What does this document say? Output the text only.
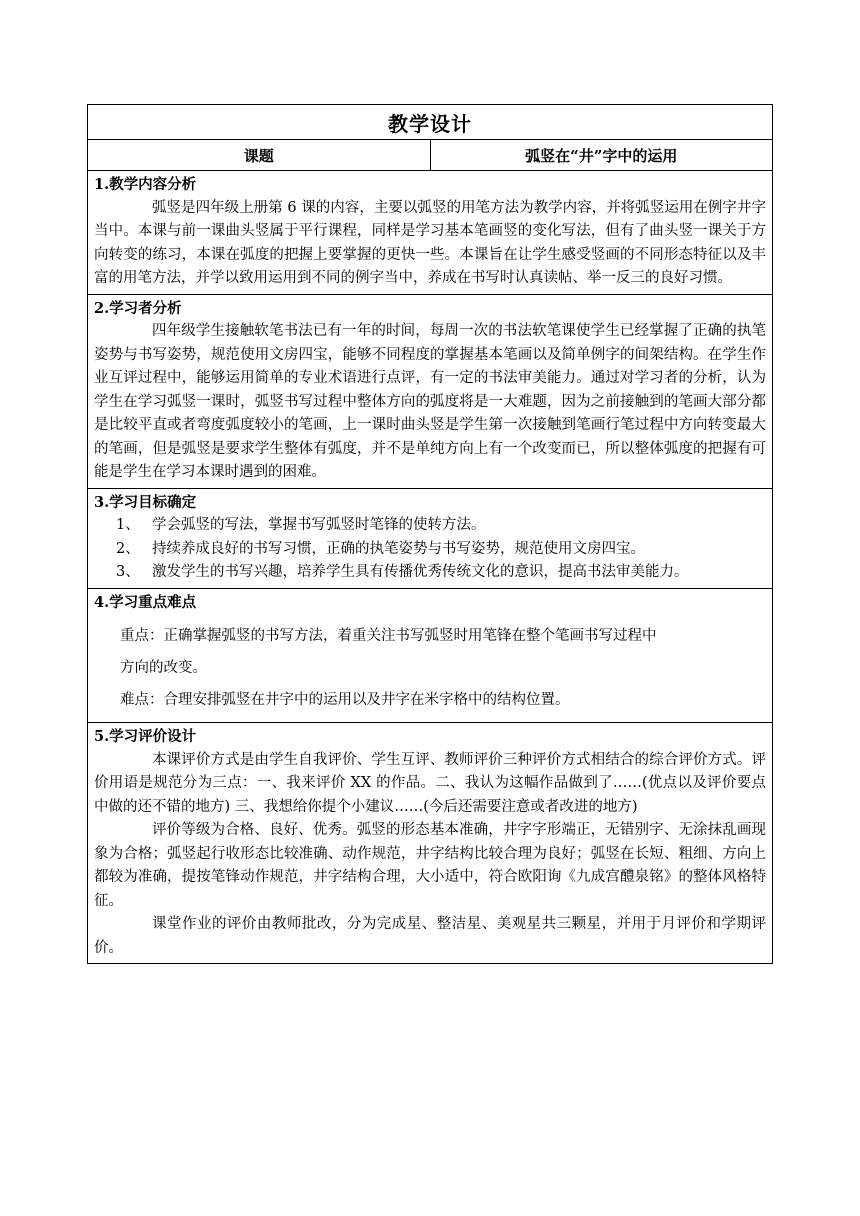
教学设计
课题	弧竖在“井”字中的运用

1.教学内容分析
弧竖是四年级上册第 6 课的内容，主要以弧竖的用笔方法为教学内容，并将弧竖运用在例字井字当中。本课与前一课曲头竖属于平行课程，同样是学习基本笔画竖的变化写法，但有了曲头竖一课关于方向转变的练习，本课在弧度的把握上要掌握的更快一些。本课旨在让学生感受竖画的不同形态特征以及丰富的用笔方法，并学以致用运用到不同的例字当中，养成在书写时认真读帖、举一反三的良好习惯。

2.学习者分析
四年级学生接触软笔书法已有一年的时间，每周一次的书法软笔课使学生已经掌握了正确的执笔姿势与书写姿势，规范使用文房四宝，能够不同程度的掌握基本笔画以及简单例字的间架结构。在学生作业互评过程中，能够运用简单的专业术语进行点评，有一定的书法审美能力。通过对学习者的分析，认为学生在学习弧竖一课时，弧竖书写过程中整体方向的弧度将是一大难题，因为之前接触到的笔画大部分都是比较平直或者弯度弧度较小的笔画，上一课时曲头竖是学生第一次接触到笔画行笔过程中方向转变最大的笔画，但是弧竖是要求学生整体有弧度，并不是单纯方向上有一个改变而已，所以整体弧度的把握有可能是学生在学习本课时遇到的困难。

3.学习目标确定
1、 学会弧竖的写法，掌握书写弧竖时笔锋的使转方法。
2、 持续养成良好的书写习惯，正确的执笔姿势与书写姿势，规范使用文房四宝。
3、 激发学生的书写兴趣，培养学生具有传播优秀传统文化的意识，提高书法审美能力。

4.学习重点难点
重点：正确掌握弧竖的书写方法，着重关注书写弧竖时用笔锋在整个笔画书写过程中
方向的改变。
难点：合理安排弧竖在井字中的运用以及井字在米字格中的结构位置。

5.学习评价设计
本课评价方式是由学生自我评价、学生互评、教师评价三种评价方式相结合的综合评价方式。评价用语是规范分为三点：一、我来评价 XX 的作品。二、我认为这幅作品做到了……(优点以及评价要点中做的还不错的地方) 三、我想给你提个小建议……(今后还需要注意或者改进的地方)
评价等级为合格、良好、优秀。弧竖的形态基本准确，井字字形端正，无错别字、无涂抹乱画现象为合格；弧竖起行收形态比较准确、动作规范，井字结构比较合理为良好；弧竖在长短、粗细、方向上都较为准确，提按笔锋动作规范，井字结构合理，大小适中，符合欧阳询《九成宫醴泉铭》的整体风格特征。
课堂作业的评价由教师批改，分为完成星、整洁星、美观星共三颗星，并用于月评价和学期评价。
